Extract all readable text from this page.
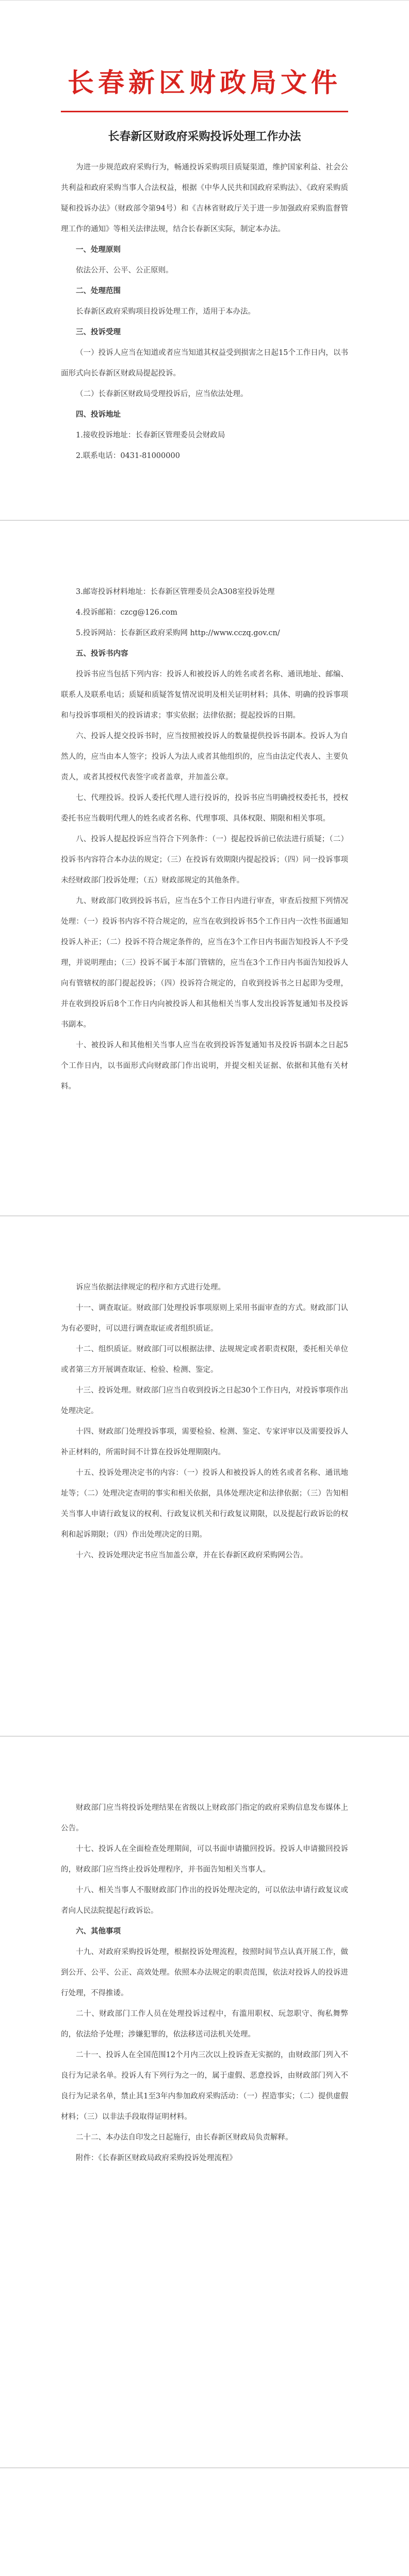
长春新区财政局文件
长春新区财政府采购投诉处理工作办法

为进一步规范政府采购行为，畅通投诉采购项目质疑渠道，维护国家利益、社会公共利益和政府采购当事人合法权益，根据《中华人民共和国政府采购法》、《政府采购质疑和投诉办法》（财政部令第94号）和《吉林省财政厅关于进一步加强政府采购监督管理工作的通知》等相关法律法规，结合长春新区实际，制定本办法。

一、处理原则

依法公开、公平、公正原则。

二、处理范围

长春新区政府采购项目投诉处理工作，适用于本办法。

三、投诉受理

（一）投诉人应当在知道或者应当知道其权益受到损害之日起15个工作日内，以书面形式向长春新区财政局提起投诉。

（二）长春新区财政局受理投诉后，应当依法处理。

四、投诉地址

1.接收投诉地址：长春新区管理委员会财政局

2.联系电话：0431-81000000

3.邮寄投诉材料地址：长春新区管理委员会A308室投诉处理

4.投诉邮箱：czcg@126.com

5.投诉网站：长春新区政府采购网 http://www.cczq.gov.cn/

五、投诉书内容

投诉书应当包括下列内容：投诉人和被投诉人的姓名或者名称、通讯地址、邮编、联系人及联系电话；质疑和质疑答复情况说明及相关证明材料；具体、明确的投诉事项和与投诉事项相关的投诉请求；事实依据；法律依据；提起投诉的日期。

六、投诉人提交投诉书时，应当按照被投诉人的数量提供投诉书副本。投诉人为自然人的，应当由本人签字；投诉人为法人或者其他组织的，应当由法定代表人、主要负责人，或者其授权代表签字或者盖章，并加盖公章。

七、代理投诉。投诉人委托代理人进行投诉的，投诉书应当明确授权委托书，授权委托书应当载明代理人的姓名或者名称、代理事项、具体权限、期限和相关事项。

八、投诉人提起投诉应当符合下列条件：（一）提起投诉前已依法进行质疑；（二）投诉书内容符合本办法的规定；（三）在投诉有效期限内提起投诉；（四）同一投诉事项未经财政部门投诉处理；（五）财政部规定的其他条件。

九、财政部门收到投诉书后，应当在5个工作日内进行审查，审查后按照下列情况处理：（一）投诉书内容不符合规定的，应当在收到投诉书5个工作日内一次性书面通知投诉人补正；（二）投诉不符合规定条件的，应当在3个工作日内书面告知投诉人不予受理，并说明理由；（三）投诉不属于本部门管辖的，应当在3个工作日内书面告知投诉人向有管辖权的部门提起投诉；（四）投诉符合规定的，自收到投诉书之日起即为受理，并在收到投诉后8个工作日内向被投诉人和其他相关当事人发出投诉答复通知书及投诉书副本。

十、被投诉人和其他相关当事人应当在收到投诉答复通知书及投诉书副本之日起5个工作日内，以书面形式向财政部门作出说明，并提交相关证据、依据和其他有关材料。

诉应当依据法律规定的程序和方式进行处理。

十一、调查取证。财政部门处理投诉事项原则上采用书面审查的方式。财政部门认为有必要时，可以进行调查取证或者组织质证。

十二、组织质证。财政部门可以根据法律、法规规定或者职责权限，委托相关单位或者第三方开展调查取证、检验、检测、鉴定。

十三、投诉处理。财政部门应当自收到投诉之日起30个工作日内，对投诉事项作出处理决定。

十四、财政部门处理投诉事项，需要检验、检测、鉴定、专家评审以及需要投诉人补正材料的，所需时间不计算在投诉处理期限内。

十五、投诉处理决定书的内容：（一）投诉人和被投诉人的姓名或者名称、通讯地址等；（二）处理决定查明的事实和相关依据，具体处理决定和法律依据；（三）告知相关当事人申请行政复议的权利、行政复议机关和行政复议期限，以及提起行政诉讼的权利和起诉期限；（四）作出处理决定的日期。

十六、投诉处理决定书应当加盖公章，并在长春新区政府采购网公告。

财政部门应当将投诉处理结果在省级以上财政部门指定的政府采购信息发布媒体上公告。

十七、投诉人在全面检查处理期间，可以书面申请撤回投诉。投诉人申请撤回投诉的，财政部门应当终止投诉处理程序，并书面告知相关当事人。

十八、相关当事人不服财政部门作出的投诉处理决定的，可以依法申请行政复议或者向人民法院提起行政诉讼。

六、其他事项

十九、对政府采购投诉处理，根据投诉处理流程，按照时间节点认真开展工作，做到公开、公平、公正、高效处理。依照本办法规定的职责范围，依法对投诉人的投诉进行处理，不得推诿。

二十、财政部门工作人员在处理投诉过程中，有滥用职权、玩忽职守、徇私舞弊的，依法给予处理；涉嫌犯罪的，依法移送司法机关处理。

二十一、投诉人在全国范围12个月内三次以上投诉查无实据的，由财政部门列入不良行为记录名单。投诉人有下列行为之一的，属于虚假、恶意投诉，由财政部门列入不良行为记录名单，禁止其1至3年内参加政府采购活动：（一）捏造事实；（二）提供虚假材料；（三）以非法手段取得证明材料。

二十二、本办法自印发之日起施行，由长春新区财政局负责解释。

附件：《长春新区财政局政府采购投诉处理流程》
